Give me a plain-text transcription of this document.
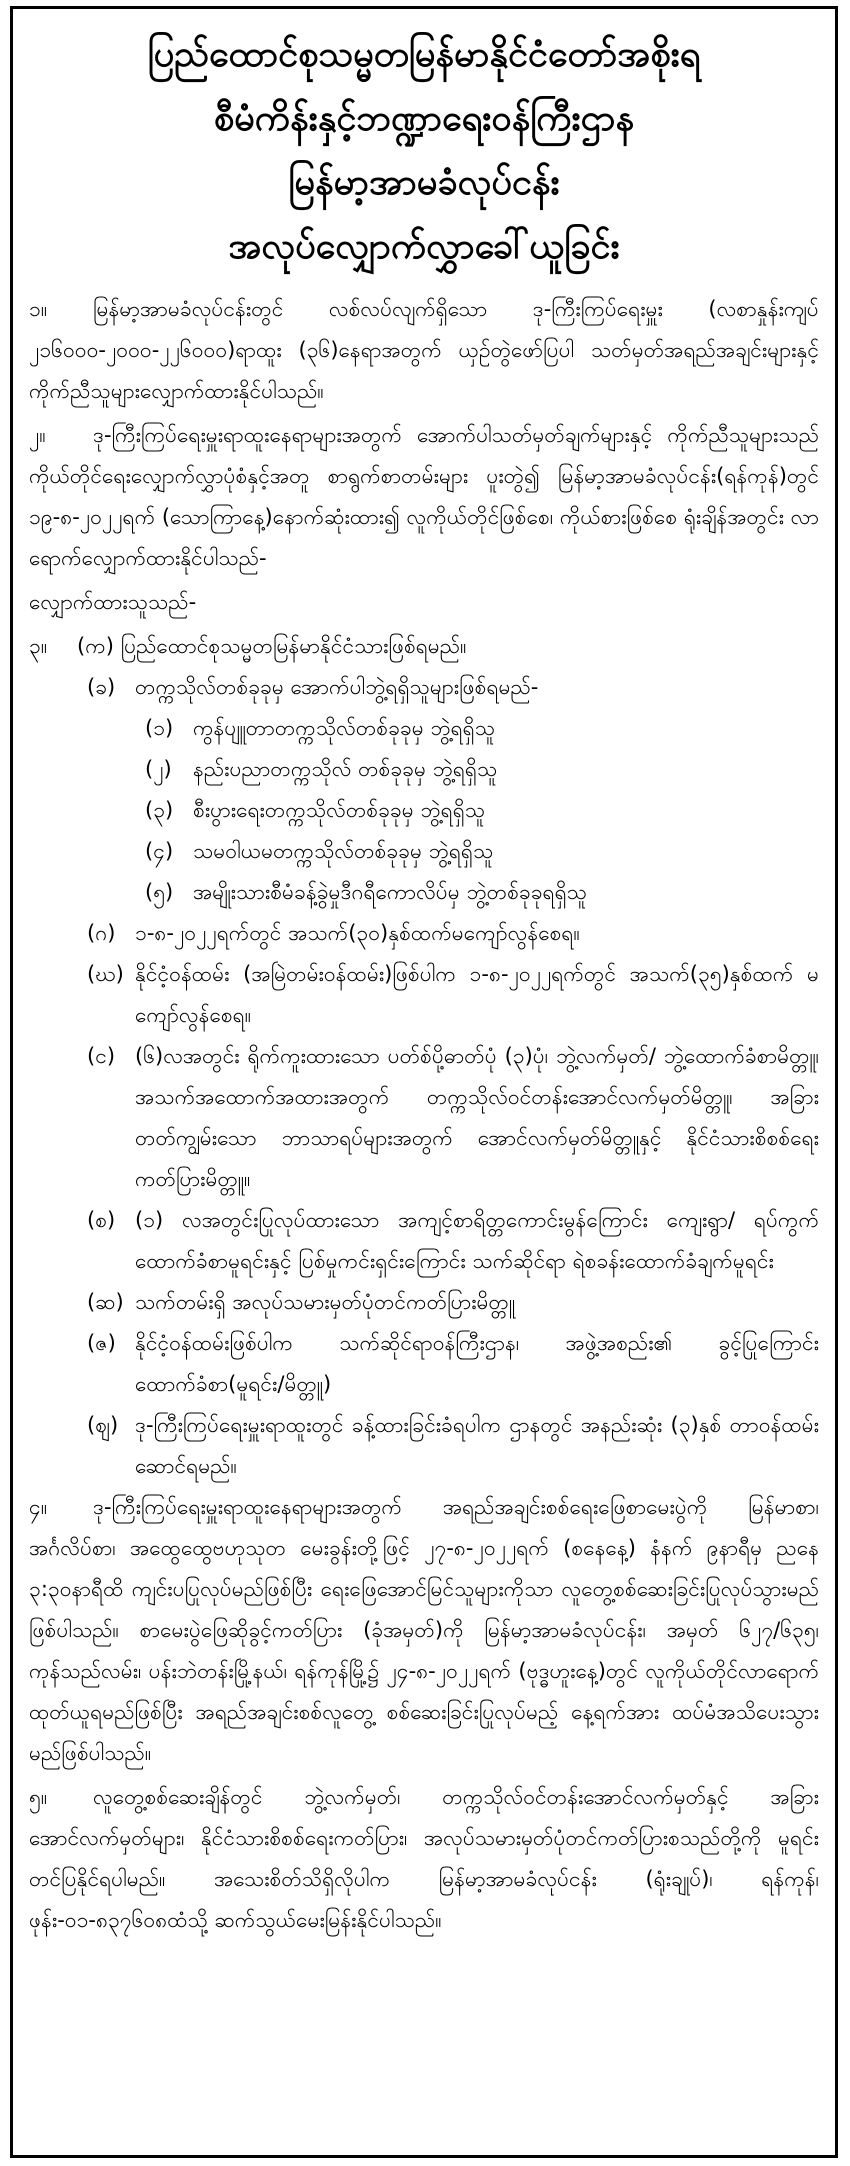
ပြည်ထောင်စုသမ္မတမြန်မာနိုင်ငံတော်အစိုးရ
စီမံကိန်းနှင့်ဘဏ္ဍာရေးဝန်ကြီးဌာန
မြန်မာ့အာမခံလုပ်ငန်း
အလုပ်လျှောက်လွှာခေါ်ယူခြင်း

၁။ မြန်မာ့အာမခံလုပ်ငန်းတွင် လစ်လပ်လျက်ရှိသော ဒု-ကြီးကြပ်ရေးမှူး (လစာနှုန်းကျပ် ၂၁၆၀၀၀-၂၀၀၀-၂၂၆၀၀၀)ရာထူး (၃၆)နေရာအတွက် ယှဉ်တွဲဖော်ပြပါ သတ်မှတ်အရည်အချင်းများနှင့် ကိုက်ညီသူများလျှောက်ထားနိုင်ပါသည်။

၂။ ဒု-ကြီးကြပ်ရေးမှူးရာထူးနေရာများအတွက် အောက်ပါသတ်မှတ်ချက်များနှင့် ကိုက်ညီသူများသည် ကိုယ်တိုင်ရေးလျှောက်လွှာပုံစံနှင့်အတူ စာရွက်စာတမ်းများ ပူးတွဲ၍ မြန်မာ့အာမခံလုပ်ငန်း(ရန်ကုန်)တွင် ၁၉-၈-၂၀၂၂ရက် (သောကြာနေ့)နောက်ဆုံးထား၍ လူကိုယ်တိုင်ဖြစ်စေ၊ ကိုယ်စားဖြစ်စေ ရုံးချိန်အတွင်း လာရောက်လျှောက်ထားနိုင်ပါသည်-

လျှောက်ထားသူသည်-

၃။	(က) ပြည်ထောင်စုသမ္မတမြန်မာနိုင်ငံသားဖြစ်ရမည်။
(ခ) တက္ကသိုလ်တစ်ခုခုမှ အောက်ပါဘွဲ့ရရှိသူများဖြစ်ရမည်-
(၁) ကွန်ပျူတာတက္ကသိုလ်တစ်ခုခုမှ ဘွဲ့ရရှိသူ
(၂)	နည်းပညာတက္ကသိုလ် တစ်ခုခုမှ ဘွဲ့ရရှိသူ
(၃) စီးပွားရေးတက္ကသိုလ်တစ်ခုခုမှ ဘွဲ့ရရှိသူ
(၄) သမဝါယမတက္ကသိုလ်တစ်ခုခုမှ ဘွဲ့ရရှိသူ
(၅) အမျိုးသားစီမံခန့်ခွဲမှုဒီဂရီကောလိပ်မှ ဘွဲ့တစ်ခုခုရရှိသူ
(ဂ) ၁-၈-၂၀၂၂ရက်တွင် အသက်(၃၀)နှစ်ထက်မကျော်လွန်စေရ။
(ဃ) နိုင်ငံ့ဝန်ထမ်း (အမြဲတမ်းဝန်ထမ်း)ဖြစ်ပါက ၁-၈-၂၀၂၂ရက်တွင် အသက်(၃၅)နှစ်ထက် မကျော်လွန်စေရ။
(င) (၆)လအတွင်း ရိုက်ကူးထားသော ပတ်စ်ပို့ဓာတ်ပုံ (၃)ပုံ၊ ဘွဲ့လက်မှတ်/ ဘွဲ့ထောက်ခံစာမိတ္တူ၊ အသက်အထောက်အထားအတွက် တက္ကသိုလ်ဝင်တန်းအောင်လက်မှတ်မိတ္တူ၊ အခြားတတ်ကျွမ်းသော ဘာသာရပ်များအတွက် အောင်လက်မှတ်မိတ္တူနှင့် နိုင်ငံသားစိစစ်ရေးကတ်ပြားမိတ္တူ။
(စ) (၁) လအတွင်းပြုလုပ်ထားသော အကျင့်စာရိတ္တကောင်းမွန်ကြောင်း ကျေးရွာ/ ရပ်ကွက် ထောက်ခံစာမူရင်းနှင့် ပြစ်မှုကင်းရှင်းကြောင်း သက်ဆိုင်ရာ ရဲစခန်းထောက်ခံချက်မူရင်း
(ဆ) သက်တမ်းရှိ အလုပ်သမားမှတ်ပုံတင်ကတ်ပြားမိတ္တူ
(ဇ) နိုင်ငံ့ဝန်ထမ်းဖြစ်ပါက သက်ဆိုင်ရာဝန်ကြီးဌာန၊ အဖွဲ့အစည်း၏ ခွင့်ပြုကြောင်း ထောက်ခံစာ(မူရင်း/မိတ္တူ)
(ဈ) ဒု-ကြီးကြပ်ရေးမှူးရာထူးတွင် ခန့်ထားခြင်းခံရပါက ဌာနတွင် အနည်းဆုံး (၃)နှစ် တာဝန်ထမ်းဆောင်ရမည်။

၄။ ဒု-ကြီးကြပ်ရေးမှူးရာထူးနေရာများအတွက် အရည်အချင်းစစ်ရေးဖြေစာမေးပွဲကို မြန်မာစာ၊ အင်္ဂလိပ်စာ၊ အထွေထွေဗဟုသုတ မေးခွန်းတို့ဖြင့် ၂၇-၈-၂၀၂၂ရက် (စနေနေ့) နံနက် ၉နာရီမှ ညနေ ၃:၃၀နာရီထိ ကျင်းပပြုလုပ်မည်ဖြစ်ပြီး ရေးဖြေအောင်မြင်သူများကိုသာ လူတွေ့စစ်ဆေးခြင်းပြုလုပ်သွားမည်ဖြစ်ပါသည်။ စာမေးပွဲဖြေဆိုခွင့်ကတ်ပြား (ခုံအမှတ်)ကို မြန်မာ့အာမခံလုပ်ငန်း၊ အမှတ် ၆၂၇/၆၃၅၊ ကုန်သည်လမ်း၊ ပန်းဘဲတန်းမြို့နယ်၊ ရန်ကုန်မြို့၌ ၂၄-၈-၂၀၂၂ရက် (ဗုဒ္ဓဟူးနေ့)တွင် လူကိုယ်တိုင်လာရောက်ထုတ်ယူရမည်ဖြစ်ပြီး အရည်အချင်းစစ်လူတွေ့ စစ်ဆေးခြင်းပြုလုပ်မည့် နေ့ရက်အား ထပ်မံအသိပေးသွားမည်ဖြစ်ပါသည်။

၅။ လူတွေ့စစ်ဆေးချိန်တွင် ဘွဲ့လက်မှတ်၊ တက္ကသိုလ်ဝင်တန်းအောင်လက်မှတ်နှင့် အခြားအောင်လက်မှတ်များ၊ နိုင်ငံသားစိစစ်ရေးကတ်ပြား၊ အလုပ်သမားမှတ်ပုံတင်ကတ်ပြားစသည်တို့ကို မူရင်းတင်ပြနိုင်ရပါမည်။ အသေးစိတ်သိရှိလိုပါက မြန်မာ့အာမခံလုပ်ငန်း (ရုံးချုပ်)၊ ရန်ကုန်၊ ဖုန်း-၀၁-၈၃၇၆၀၈ထံသို့ ဆက်သွယ်မေးမြန်းနိုင်ပါသည်။
